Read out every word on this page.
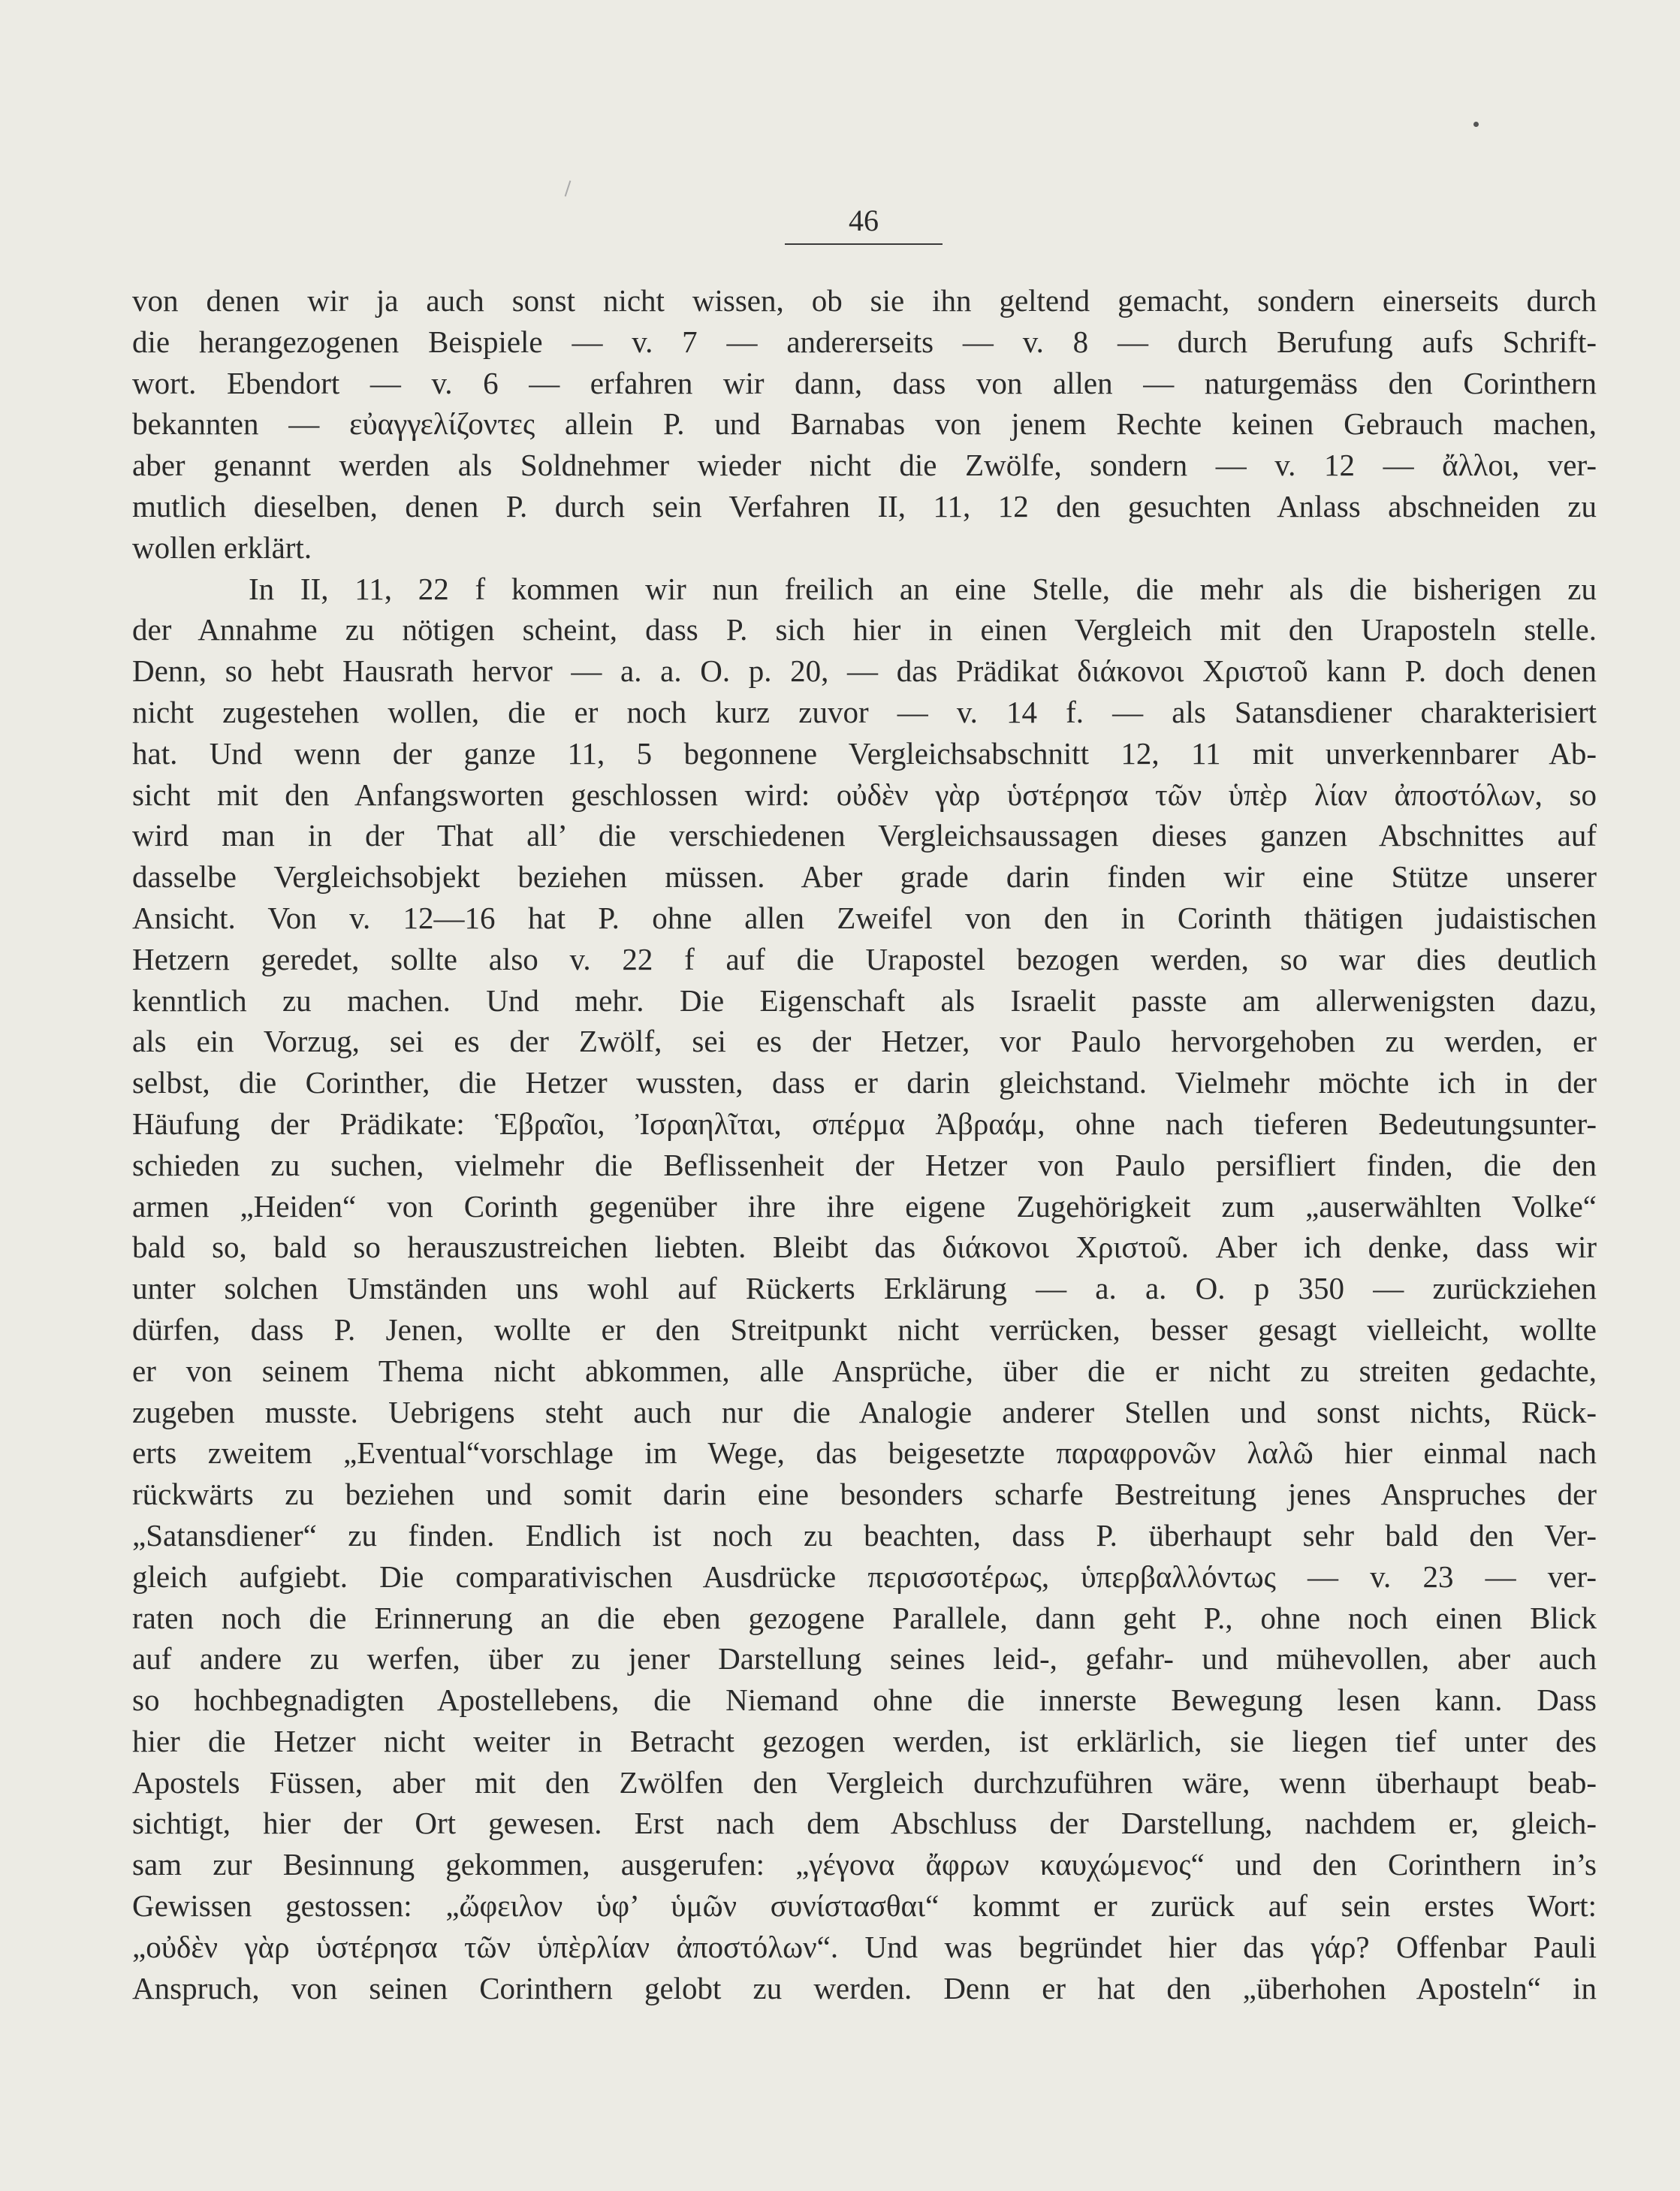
46
von denen wir ja auch sonst nicht wissen, ob sie ihn geltend gemacht, sondern einerseits durch
die herangezogenen Beispiele — v. 7 — andererseits — v. 8 — durch Berufung aufs Schrift-
wort. Ebendort — v. 6 — erfahren wir dann, dass von allen — naturgemäss den Corinthern
bekannten — εὐαγγελίζοντες allein P. und Barnabas von jenem Rechte keinen Gebrauch machen,
aber genannt werden als Soldnehmer wieder nicht die Zwölfe, sondern — v. 12 — ἄλλοι, ver-
mutlich dieselben, denen P. durch sein Verfahren II, 11, 12 den gesuchten Anlass abschneiden zu
wollen erklärt.
In II, 11, 22 f kommen wir nun freilich an eine Stelle, die mehr als die bisherigen zu
der Annahme zu nötigen scheint, dass P. sich hier in einen Vergleich mit den Uraposteln stelle.
Denn, so hebt Hausrath hervor — a. a. O. p. 20, — das Prädikat διάκονοι Χριστοῦ kann P. doch denen
nicht zugestehen wollen, die er noch kurz zuvor — v. 14 f. — als Satansdiener charakterisiert
hat. Und wenn der ganze 11, 5 begonnene Vergleichsabschnitt 12, 11 mit unverkennbarer Ab-
sicht mit den Anfangsworten geschlossen wird: οὐδὲν γὰρ ὑστέρησα τῶν ὑπὲρ λίαν ἀποστόλων, so
wird man in der That all’ die verschiedenen Vergleichsaussagen dieses ganzen Abschnittes auf
dasselbe Vergleichsobjekt beziehen müssen. Aber grade darin finden wir eine Stütze unserer
Ansicht. Von v. 12—16 hat P. ohne allen Zweifel von den in Corinth thätigen judaistischen
Hetzern geredet, sollte also v. 22 f auf die Urapostel bezogen werden, so war dies deutlich
kenntlich zu machen. Und mehr. Die Eigenschaft als Israelit passte am allerwenigsten dazu,
als ein Vorzug, sei es der Zwölf, sei es der Hetzer, vor Paulo hervorgehoben zu werden, er
selbst, die Corinther, die Hetzer wussten, dass er darin gleichstand. Vielmehr möchte ich in der
Häufung der Prädikate: Ἑβραῖοι, Ἰσραηλῖται, σπέρμα Ἀβραάμ, ohne nach tieferen Bedeutungsunter-
schieden zu suchen, vielmehr die Beflissenheit der Hetzer von Paulo persifliert finden, die den
armen „Heiden“ von Corinth gegenüber ihre ihre eigene Zugehörigkeit zum „auserwählten Volke“
bald so, bald so herauszustreichen liebten. Bleibt das διάκονοι Χριστοῦ. Aber ich denke, dass wir
unter solchen Umständen uns wohl auf Rückerts Erklärung — a. a. O. p 350 — zurückziehen
dürfen, dass P. Jenen, wollte er den Streitpunkt nicht verrücken, besser gesagt vielleicht, wollte
er von seinem Thema nicht abkommen, alle Ansprüche, über die er nicht zu streiten gedachte,
zugeben musste. Uebrigens steht auch nur die Analogie anderer Stellen und sonst nichts, Rück-
erts zweitem „Eventual“vorschlage im Wege, das beigesetzte παραφρονῶν λαλῶ hier einmal nach
rückwärts zu beziehen und somit darin eine besonders scharfe Bestreitung jenes Anspruches der
„Satansdiener“ zu finden. Endlich ist noch zu beachten, dass P. überhaupt sehr bald den Ver-
gleich aufgiebt. Die comparativischen Ausdrücke περισσοτέρως, ὑπερβαλλόντως — v. 23 — ver-
raten noch die Erinnerung an die eben gezogene Parallele, dann geht P., ohne noch einen Blick
auf andere zu werfen, über zu jener Darstellung seines leid-, gefahr- und mühevollen, aber auch
so hochbegnadigten Apostellebens, die Niemand ohne die innerste Bewegung lesen kann. Dass
hier die Hetzer nicht weiter in Betracht gezogen werden, ist erklärlich, sie liegen tief unter des
Apostels Füssen, aber mit den Zwölfen den Vergleich durchzuführen wäre, wenn überhaupt beab-
sichtigt, hier der Ort gewesen. Erst nach dem Abschluss der Darstellung, nachdem er, gleich-
sam zur Besinnung gekommen, ausgerufen: „γέγονα ἄφρων καυχώμενος“ und den Corinthern in’s
Gewissen gestossen: „ὤφειλον ὑφ’ ὑμῶν συνίστασθαι“ kommt er zurück auf sein erstes Wort:
„οὐδὲν γὰρ ὑστέρησα τῶν ὑπὲρλίαν ἀποστόλων“. Und was begründet hier das γάρ? Offenbar Pauli
Anspruch, von seinen Corinthern gelobt zu werden. Denn er hat den „überhohen Aposteln“ in
